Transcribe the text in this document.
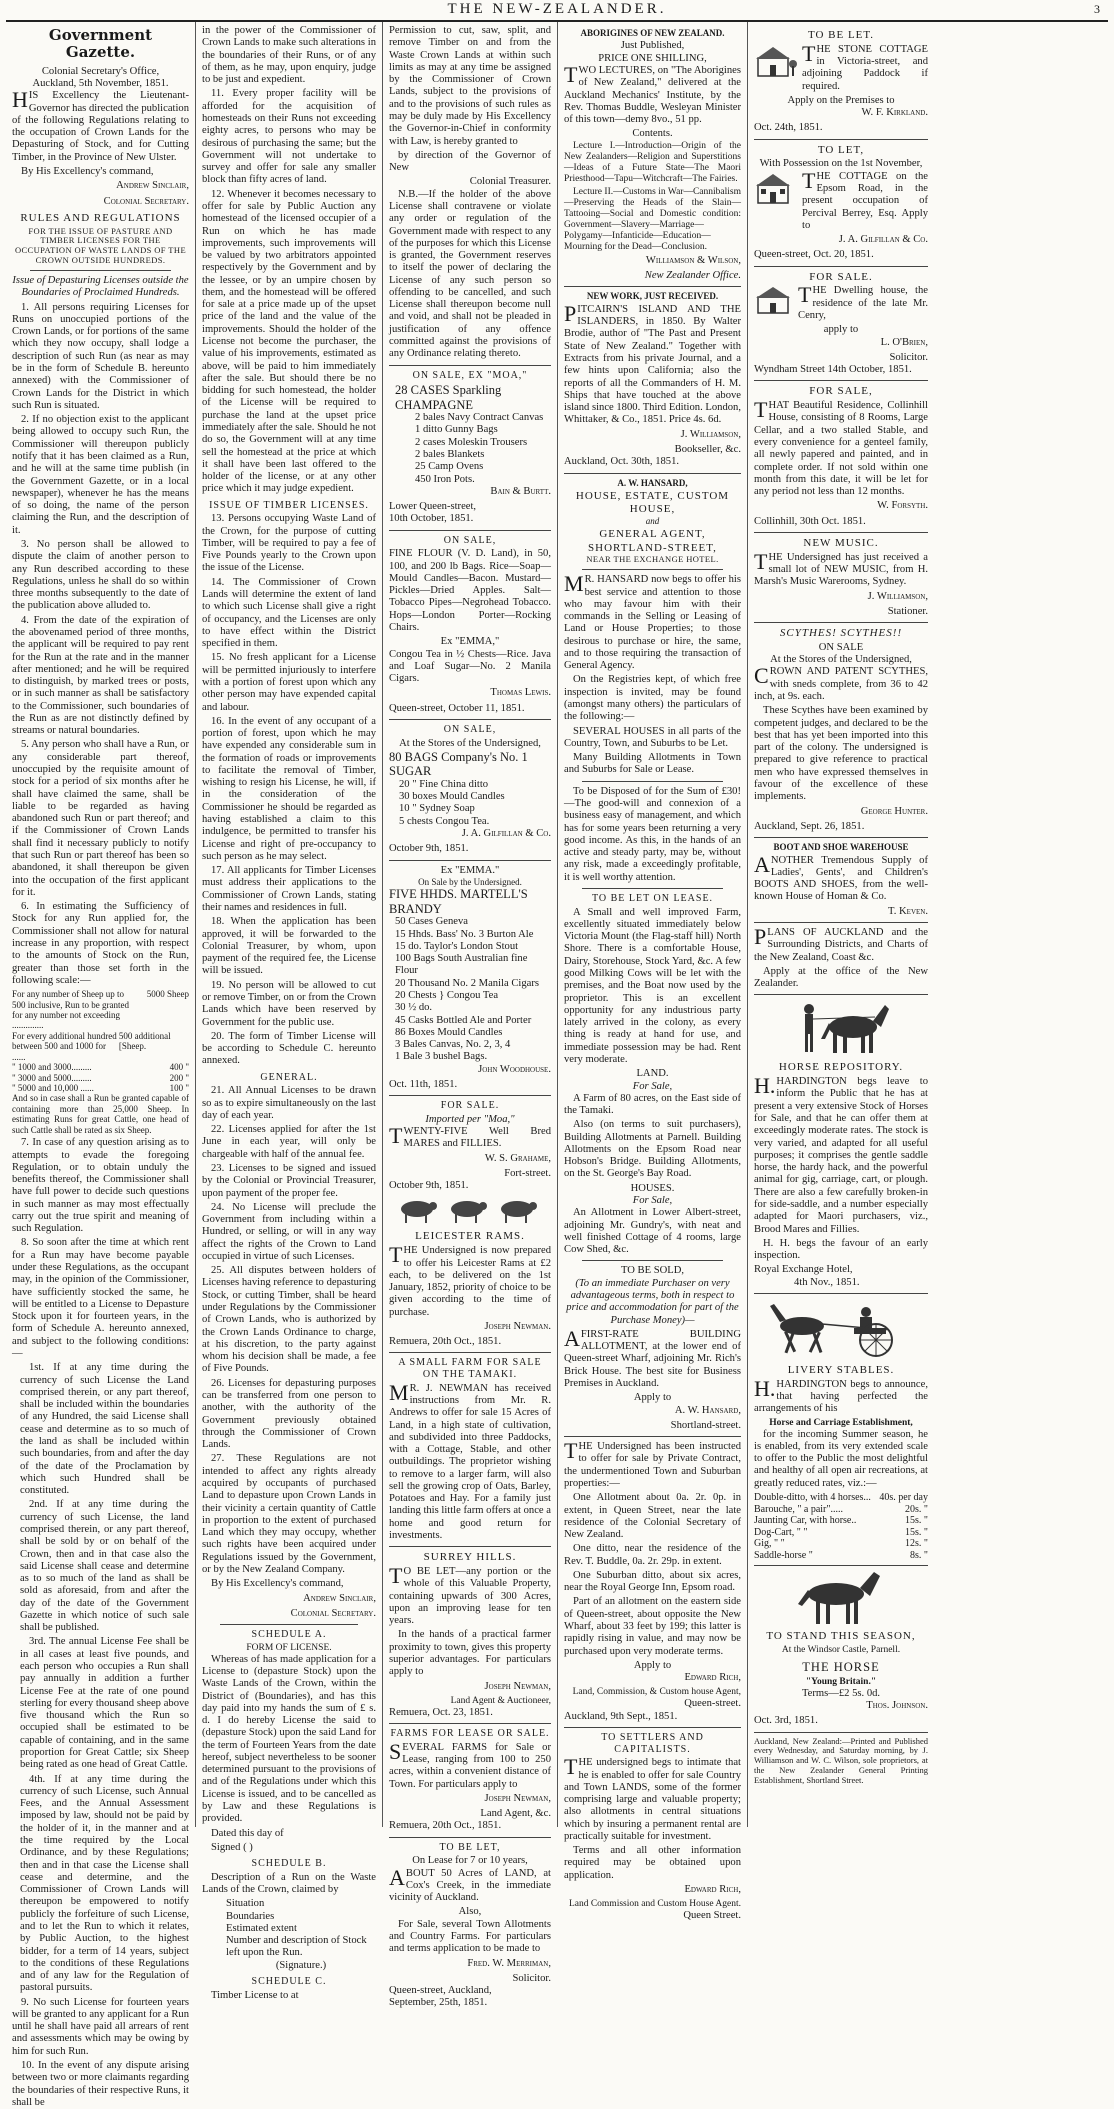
THE NEW-ZEALANDER.	3
Government Gazette.
Colonial Secretary's Office,
Auckland, 5th November, 1851.

HIS Excellency the Lieutenant-Governor has directed the publication of the following Regulations relating to the occupation of Crown Lands for the Depasturing of Stock, and for Cutting Timber, in the Province of New Ulster.

By His Excellency's command,

Andrew Sinclair,
Colonial Secretary.
RULES AND REGULATIONS
FOR THE ISSUE OF PASTURE AND TIMBER LICENSES FOR THE OCCUPATION OF WASTE LANDS OF THE CROWN OUTSIDE HUNDREDS.
Issue of Depasturing Licenses outside the Boundaries of Proclaimed Hundreds.

1. All persons requiring Licenses for Runs on unoccupied portions of the Crown Lands, or for portions of the same which they now occupy, shall lodge a description of such Run (as near as may be in the form of Schedule B. hereunto annexed) with the Commissioner of Crown Lands for the District in which such Run is situated.

2. If no objection exist to the applicant being allowed to occupy such Run, the Commissioner will thereupon publicly notify that it has been claimed as a Run, and he will at the same time publish (in the Government Gazette, or in a local newspaper), whenever he has the means of so doing, the name of the person claiming the Run, and the description of it.

3. No person shall be allowed to dispute the claim of another person to any Run described according to these Regulations, unless he shall do so within three months subsequently to the date of the publication above alluded to.

4. From the date of the expiration of the abovenamed period of three months, the applicant will be required to pay rent for the Run at the rate and in the manner after mentioned; and he will be required to distinguish, by marked trees or posts, or in such manner as shall be satisfactory to the Commissioner, such boundaries of the Run as are not distinctly defined by streams or natural boundaries.

5. Any person who shall have a Run, or any considerable part thereof, unoccupied by the requisite amount of stock for a period of six months after he shall have claimed the same, shall be liable to be regarded as having abandoned such Run or part thereof; and if the Commissioner of Crown Lands shall find it necessary publicly to notify that such Run or part thereof has been so abandoned, it shall thereupon be given into the occupation of the first applicant for it.

6. In estimating the Sufficiency of Stock for any Run applied for, the Commissioner shall not allow for natural increase in any proportion, with respect to the amounts of Stock on the Run, greater than those set forth in the following scale:—

For any number of Sheep up to 500 inclusive, Run to be granted for any number not exceeding ..............
5000 Sheep
For every additional hundred between 500 and 1000 for ......
500 additional [Sheep.
" 1000 and 3000.........	400 "
" 3000 and 5000.........	200 "
" 5000 and 10,000 ......	100 "

And so in case shall a Run be granted capable of containing more than 25,000 Sheep. In estimating Runs for great Cattle, one head of such Cattle shall be rated as six Sheep.

7. In case of any question arising as to attempts to evade the foregoing Regulation, or to obtain unduly the benefits thereof, the Commissioner shall have full power to decide such questions in such manner as may most effectually carry out the true spirit and meaning of such Regulation.

8. So soon after the time at which rent for a Run may have become payable under these Regulations, as the occupant may, in the opinion of the Commissioner, have sufficiently stocked the same, he will be entitled to a License to Depasture Stock upon it for fourteen years, in the form of Schedule A. hereunto annexed, and subject to the following conditions:—

1st. If at any time during the currency of such License the Land comprised therein, or any part thereof, shall be included within the boundaries of any Hundred, the said License shall cease and determine as to so much of the land as shall be included within such boundaries, from and after the day of the date of the Proclamation by which such Hundred shall be constituted.

2nd. If at any time during the currency of such License, the land comprised therein, or any part thereof, shall be sold by or on behalf of the Crown, then and in that case also the said License shall cease and determine as to so much of the land as shall be sold as aforesaid, from and after the day of the date of the Government Gazette in which notice of such sale shall be published.

3rd. The annual License Fee shall be in all cases at least five pounds, and each person who occupies a Run shall pay annually in addition a further License Fee at the rate of one pound sterling for every thousand sheep above five thousand which the Run so occupied shall be estimated to be capable of containing, and in the same proportion for Great Cattle; six Sheep being rated as one head of Great Cattle.

4th. If at any time during the currency of such License, such Annual Fees, and the Annual Assessment imposed by law, should not be paid by the holder of it, in the manner and at the time required by the Local Ordinance, and by these Regulations; then and in that case the License shall cease and determine, and the Commissioner of Crown Lands will thereupon be empowered to notify publicly the forfeiture of such License, and to let the Run to which it relates, by Public Auction, to the highest bidder, for a term of 14 years, subject to the conditions of these Regulations and of any law for the Regulation of pastoral pursuits.

9. No such License for fourteen years will be granted to any applicant for a Run until he shall have paid all arrears of rent and assessments which may be owing by him for such Run.

10. In the event of any dispute arising between two or more claimants regarding the boundaries of their respective Runs, it shall be

in the power of the Commissioner of Crown Lands to make such alterations in the boundaries of their Runs, or of any of them, as he may, upon enquiry, judge to be just and expedient.

11. Every proper facility will be afforded for the acquisition of homesteads on their Runs not exceeding eighty acres, to persons who may be desirous of purchasing the same; but the Government will not undertake to survey and offer for sale any smaller block than fifty acres of land.

12. Whenever it becomes necessary to offer for sale by Public Auction any homestead of the licensed occupier of a Run on which he has made improvements, such improvements will be valued by two arbitrators appointed respectively by the Government and by the lessee, or by an umpire chosen by them, and the homestead will be offered for sale at a price made up of the upset price of the land and the value of the improvements. Should the holder of the License not become the purchaser, the value of his improvements, estimated as above, will be paid to him immediately after the sale. But should there be no bidding for such homestead, the holder of the License will be required to purchase the land at the upset price immediately after the sale. Should he not do so, the Government will at any time sell the homestead at the price at which it shall have been last offered to the holder of the license, or at any other price which it may judge expedient.

ISSUE OF TIMBER LICENSES.

13. Persons occupying Waste Land of the Crown, for the purpose of cutting Timber, will be required to pay a fee of Five Pounds yearly to the Crown upon the issue of the License.

14. The Commissioner of Crown Lands will determine the extent of land to which such License shall give a right of occupancy, and the Licenses are only to have effect within the District specified in them.

15. No fresh applicant for a License will be permitted injuriously to interfere with a portion of forest upon which any other person may have expended capital and labour.

16. In the event of any occupant of a portion of forest, upon which he may have expended any considerable sum in the formation of roads or improvements to facilitate the removal of Timber, wishing to resign his License, he will, if in the consideration of the Commissioner he should be regarded as having established a claim to this indulgence, be permitted to transfer his License and right of pre-occupancy to such person as he may select.

17. All applicants for Timber Licenses must address their applications to the Commissioner of Crown Lands, stating their names and residences in full.

18. When the application has been approved, it will be forwarded to the Colonial Treasurer, by whom, upon payment of the required fee, the License will be issued.

19. No person will be allowed to cut or remove Timber, on or from the Crown Lands which have been reserved by Government for the public use.

20. The form of Timber License will be according to Schedule C. hereunto annexed.

GENERAL.

21. All Annual Licenses to be drawn so as to expire simultaneously on the last day of each year.

22. Licenses applied for after the 1st June in each year, will only be chargeable with half of the annual fee.

23. Licenses to be signed and issued by the Colonial or Provincial Treasurer, upon payment of the proper fee.

24. No License will preclude the Government from including within a Hundred, or selling, or will in any way affect the rights of the Crown to Land occupied in virtue of such Licenses.

25. All disputes between holders of Licenses having reference to depasturing Stock, or cutting Timber, shall be heard under Regulations by the Commissioner of Crown Lands, who is authorized by the Crown Lands Ordinance to charge, at his discretion, to the party against whom his decision shall be made, a fee of Five Pounds.

26. Licenses for depasturing purposes can be transferred from one person to another, with the authority of the Government previously obtained through the Commissioner of Crown Lands.

27. These Regulations are not intended to affect any rights already acquired by occupants of purchased Land to depasture upon Crown Lands in their vicinity a certain quantity of Cattle in proportion to the extent of purchased Land which they may occupy, whether such rights have been acquired under Regulations issued by the Government, or by the New Zealand Company.

By His Excellency's command,

Andrew Sinclair,
Colonial Secretary.
SCHEDULE A.
FORM OF LICENSE.

Whereas of has made application for a License to (depasture Stock) upon the Waste Lands of the Crown, within the District of (Boundaries), and has this day paid into my hands the sum of £ s. d. I do hereby License the said to (depasture Stock) upon the said Land for the term of Fourteen Years from the date hereof, subject nevertheless to be sooner determined pursuant to the provisions of and of the Regulations under which this License is issued, and to be cancelled as by Law and these Regulations is provided.

Dated this day of

Signed ( )

SCHEDULE B.

Description of a Run on the Waste Lands of the Crown, claimed by

Situation
Boundaries
Estimated extent
Number and description of Stock left upon the Run.
(Signature.)
SCHEDULE C.

Timber License to at

Permission to cut, saw, split, and remove Timber on and from the Waste Crown Lands at within such limits as may at any time be assigned by the Commissioner of Crown Lands, subject to the provisions of and to the provisions of such rules as may be duly made by His Excellency the Governor-in-Chief in conformity with Law, is hereby granted to

by direction of the Governor of New

Colonial Treasurer.

N.B.—If the holder of the above License shall contravene or violate any order or regulation of the Government made with respect to any of the purposes for which this License is granted, the Government reserves to itself the power of declaring the License of any such person so offending to be cancelled, and such License shall thereupon become null and void, and shall not be pleaded in justification of any offence committed against the provisions of any Ordinance relating thereto.

ON SALE, EX "MOA,"
28 CASES Sparkling CHAMPAGNE
2 bales Navy Contract Canvas
1 ditto Gunny Bags
2 cases Moleskin Trousers
2 bales Blankets
25 Camp Ovens
450 Iron Pots.
Bain & Burtt.
Lower Queen-street,
10th October, 1851.
ON SALE,

FINE FLOUR (V. D. Land), in 50, 100, and 200 lb Bags. Rice—Soap—Mould Candles—Bacon. Mustard—Pickles—Dried Apples. Salt—Tobacco Pipes—Negrohead Tobacco. Hops—London Porter—Rocking Chairs.

Ex "EMMA,"

Congou Tea in ½ Chests—Rice. Java and Loaf Sugar—No. 2 Manila Cigars.

Thomas Lewis.
Queen-street, October 11, 1851.
ON SALE,
At the Stores of the Undersigned,
80 BAGS Company's No. 1 SUGAR
20 " Fine China ditto
30 boxes Mould Candles
10 " Sydney Soap
5 chests Congou Tea.
J. A. Gilfillan & Co.
October 9th, 1851.
Ex "EMMA."
On Sale by the Undersigned.
FIVE HHDS. MARTELL'S BRANDY
50 Cases Geneva
15 Hhds. Bass' No. 3 Burton Ale
15 do. Taylor's London Stout
100 Bags South Australian fine Flour
20 Thousand No. 2 Manila Cigars
20 Chests } Congou Tea
30 ½ do.
45 Casks Bottled Ale and Porter
86 Boxes Mould Candles
3 Bales Canvas, No. 2, 3, 4
1 Bale 3 bushel Bags.
John Woodhouse.
Oct. 11th, 1851.
FOR SALE.
Imported per "Moa,"

TWENTY-FIVE Well Bred MARES and FILLIES.

W. S. Grahame,
Fort-street.
October 9th, 1851.
LEICESTER RAMS.

THE Undersigned is now prepared to offer his Leicester Rams at £2 each, to be delivered on the 1st January, 1852, priority of choice to be given according to the time of purchase.

Joseph Newman.
Remuera, 20th Oct., 1851.
A SMALL FARM FOR SALE ON THE TAMAKI.

MR. J. NEWMAN has received instructions from Mr. R. Andrews to offer for sale 15 Acres of Land, in a high state of cultivation, and subdivided into three Paddocks, with a Cottage, Stable, and other outbuildings. The proprietor wishing to remove to a larger farm, will also sell the growing crop of Oats, Barley, Potatoes and Hay. For a family just landing this little farm offers at once a home and good return for investments.

SURREY HILLS.

TO BE LET—any portion or the whole of this Valuable Property, containing upwards of 300 Acres, upon an improving lease for ten years.

In the hands of a practical farmer proximity to town, gives this property superior advantages. For particulars apply to

Joseph Newman,
Land Agent & Auctioneer,
Remuera, Oct. 23, 1851.
FARMS FOR LEASE OR SALE.

SEVERAL FARMS for Sale or Lease, ranging from 100 to 250 acres, within a convenient distance of Town. For particulars apply to

Joseph Newman,
Land Agent, &c.
Remuera, 20th Oct., 1851.
TO BE LET,
On Lease for 7 or 10 years,

ABOUT 50 Acres of LAND, at Cox's Creek, in the immediate vicinity of Auckland.

Also,

For Sale, several Town Allotments and Country Farms. For particulars and terms application to be made to

Fred. W. Merriman,
Solicitor.
Queen-street, Auckland,
September, 25th, 1851.
ABORIGINES OF NEW ZEALAND.
Just Published,
PRICE ONE SHILLING,

TWO LECTURES, on "The Aborigines of New Zealand," delivered at the Auckland Mechanics' Institute, by the Rev. Thomas Buddle, Wesleyan Minister of this town—demy 8vo., 51 pp.

Contents.

Lecture I.—Introduction—Origin of the New Zealanders—Religion and Superstitions—Ideas of a Future State—The Maori Priesthood—Tapu—Witchcraft—The Fairies.

Lecture II.—Customs in War—Cannibalism—Preserving the Heads of the Slain—Tattooing—Social and Domestic condition: Government—Slavery—Marriage—Polygamy—Infanticide—Education—Mourning for the Dead—Conclusion.

Williamson & Wilson,
New Zealander Office.
NEW WORK, JUST RECEIVED.

PITCAIRN'S ISLAND AND THE ISLANDERS, in 1850. By Walter Brodie, author of "The Past and Present State of New Zealand." Together with Extracts from his private Journal, and a few hints upon California; also the reports of all the Commanders of H. M. Ships that have touched at the above island since 1800. Third Edition. London, Whittaker, & Co., 1851. Price 4s. 6d.

J. Williamson,
Bookseller, &c.
Auckland, Oct. 30th, 1851.
A. W. HANSARD,
HOUSE, ESTATE, CUSTOM HOUSE,
and
GENERAL AGENT,
SHORTLAND-STREET,
NEAR THE EXCHANGE HOTEL.

MR. HANSARD now begs to offer his best service and attention to those who may favour him with their commands in the Selling or Leasing of Land or House Properties; to those desirous to purchase or hire, the same, and to those requiring the transaction of General Agency.

On the Registries kept, of which free inspection is invited, may be found (amongst many others) the particulars of the following:—

SEVERAL HOUSES in all parts of the Country, Town, and Suburbs to be Let.

Many Building Allotments in Town and Suburbs for Sale or Lease.

To be Disposed of for the Sum of £30!—The good-will and connexion of a business easy of management, and which has for some years been returning a very good income. As this, in the hands of an active and steady party, may be, without any risk, made a exceedingly profitable, it is well worthy attention.

TO BE LET ON LEASE.

A Small and well improved Farm, excellently situated immediately below Victoria Mount (the Flag-staff hill) North Shore. There is a comfortable House, Dairy, Storehouse, Stock Yard, &c. A few good Milking Cows will be let with the premises, and the Boat now used by the proprietor. This is an excellent opportunity for any industrious party lately arrived in the colony, as every thing is ready at hand for use, and immediate possession may be had. Rent very moderate.

LAND.
For Sale,

A Farm of 80 acres, on the East side of the Tamaki.

Also (on terms to suit purchasers), Building Allotments at Parnell. Building Allotments on the Epsom Road near Hobson's Bridge. Building Allotments, on the St. George's Bay Road.

HOUSES.
For Sale,

An Allotment in Lower Albert-street, adjoining Mr. Gundry's, with neat and well finished Cottage of 4 rooms, large Cow Shed, &c.

TO BE SOLD,

(To an immediate Purchaser on very advantageous terms, both in respect to price and accommodation for part of the Purchase Money)—

AFIRST-RATE BUILDING ALLOTMENT, at the lower end of Queen-street Wharf, adjoining Mr. Rich's Brick House. The best site for Business Premises in Auckland.

Apply to
A. W. Hansard,
Shortland-street.

THE Undersigned has been instructed to offer for sale by Private Contract, the undermentioned Town and Suburban properties:—

One Allotment about 0a. 2r. 0p. in extent, in Queen Street, near the late residence of the Colonial Secretary of New Zealand.

One ditto, near the residence of the Rev. T. Buddle, 0a. 2r. 29p. in extent.

One Suburban ditto, about six acres, near the Royal George Inn, Epsom road.

Part of an allotment on the eastern side of Queen-street, about opposite the New Wharf, about 33 feet by 199; this latter is rapidly rising in value, and may now be purchased upon very moderate terms.

Apply to
Edward Rich,
Land, Commission, & Custom house Agent,
Queen-street.
Auckland, 9th Sept., 1851.
TO SETTLERS AND CAPITALISTS.

THE undersigned begs to intimate that he is enabled to offer for sale Country and Town LANDS, some of the former comprising large and valuable property; also allotments in central situations which by insuring a permanent rental are practically suitable for investment.

Terms and all other information required may be obtained upon application.

Edward Rich,
Land Commission and Custom House Agent.
Queen Street.
TO BE LET.

THE STONE COTTAGE in Victoria-street, and adjoining Paddock if required.

Apply on the Premises to
W. F. Kirkland.
Oct. 24th, 1851.
TO LET,
With Possession on the 1st November,

THE COTTAGE on the Epsom Road, in the present occupation of Percival Berrey, Esq. Apply to

J. A. Gilfillan & Co.
Queen-street, Oct. 20, 1851.
FOR SALE.

THE Dwelling house, the residence of the late Mr. Cenry,

apply to
L. O'Brien,
Solicitor.
Wyndham Street 14th October, 1851.
FOR SALE,

THAT Beautiful Residence, Collinhill House, consisting of 8 Rooms, Large Cellar, and a two stalled Stable, and every convenience for a genteel family, all newly papered and painted, and in complete order. If not sold within one month from this date, it will be let for any period not less than 12 months.

W. Forsyth.
Collinhill, 30th Oct. 1851.
NEW MUSIC.

THE Undersigned has just received a small lot of NEW MUSIC, from H. Marsh's Music Warerooms, Sydney.

J. Williamson,
Stationer.
SCYTHES! SCYTHES!!
ON SALE
At the Stores of the Undersigned,

CROWN AND PATENT SCYTHES, with sneds complete, from 36 to 42 inch, at 9s. each.

These Scythes have been examined by competent judges, and declared to be the best that has yet been imported into this part of the colony. The undersigned is prepared to give reference to practical men who have expressed themselves in favour of the excellence of these implements.

George Hunter.
Auckland, Sept. 26, 1851.
BOOT AND SHOE WAREHOUSE

ANOTHER Tremendous Supply of Ladies', Gents', and Children's BOOTS AND SHOES, from the well-known House of Homan & Co.

T. Keven.

PLANS OF AUCKLAND and the Surrounding Districts, and Charts of the New Zealand, Coast &c.

Apply at the office of the New Zealander.

HORSE REPOSITORY.

H.HARDINGTON begs leave to inform the Public that he has at present a very extensive Stock of Horses for Sale, and that he can offer them at exceedingly moderate rates. The stock is very varied, and adapted for all useful purposes; it comprises the gentle saddle horse, the hardy hack, and the powerful animal for gig, carriage, cart, or plough. There are also a few carefully broken-in for side-saddle, and a number especially adapted for Maori purchasers, viz., Brood Mares and Fillies.

H. H. begs the favour of an early inspection.

Royal Exchange Hotel,
4th Nov., 1851.
LIVERY STABLES.

H.HARDINGTON begs to announce, that having perfected the arrangements of his

Horse and Carriage Establishment,

for the incoming Summer season, he is enabled, from its very extended scale to offer to the Public the most delightful and healthy of all open air recreations, at greatly reduced rates, viz.:—

Double-ditto, with 4 horses... 40s. per day
Barouche, " a pair".....	20s. "
Jaunting Car, with horse..	15s. "
Dog-Cart, " "	15s. "
Gig, " "	12s. "
Saddle-horse "	8s. "
TO STAND THIS SEASON,
At the Windsor Castle, Parnell.
THE HORSE
"Young Britain."
Terms—£2 5s. 0d.
Thos. Johnson.
Oct. 3rd, 1851.

Auckland, New Zealand:—Printed and Published every Wednesday, and Saturday morning, by J. Williamson and W. C. Wilson, sole proprietors, at the New Zealander General Printing Establishment, Shortland Street.
